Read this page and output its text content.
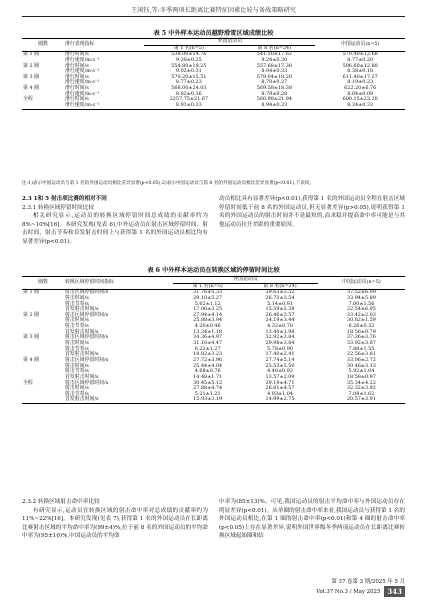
王闲钰,等:冬季两项长距离比赛特征因素比较与备战策略研究
表 5 中外样本运动员越野滑雪区域成绩比较
圈数	滑行表现指标	外国运动员		中国运动员(n=5)
		第 1 名(n=5)	前 8 名(n=24)	
第 1 圈	滑行时间/s	538.00±14.76	541.50±17.62	570.40±12.68
	滑行速度/m·s⁻¹	9.30±0.25	9.24±0.30	8.77±0.20
第 2 圈	滑行时间/s	554.80±19.25	557.68±17.38	596.60±12.80
	滑行速度/m·s⁻¹	9.02±0.31	8.94±0.33	8.38±0.18
第 3 圈	滑行时间/s	570.20±15.51	578.04±18.20	611.40±17.27
	滑行速度/m·s⁻¹	8.77±0.23	8.70±0.27	8.19±0.23
第 4 圈	滑行时间/s	568.00±24.03	569.58±18.38	622.20±6.76
	滑行速度/m·s⁻¹	8.82±0.36	8.79±0.28	8.04±0.09
全程	滑行时间/s	2257.75±21.67	560.98±21.94	600.15±23.20
	滑行速度/m·s⁻¹	8.91±0.33	8.94±0.33	8.34±0.33
注:1)表示中国运动员与第 1 名的外国运动员相比差异显著(p<0.05);2)表示中国运动员与前 8 名的外国运动员相比差异显著(p<0.01),下表同。

2.3 1和 5 射击项比赛的相对不同

2.3.1 转换区域停留时间比较

相关研究显示,运动员的转换区域停留时间总成绩的贡献率约为 8%~10%[16]。本研究发现(见表 6),中外运动员在射击区域停留时间、射击时间、射击节奏和首发射击时间上与获得第 1 名的外国运动员相比均有显著差异(p<0.01)。

动员相比具有显著差异(p<0.01),获得第 1 名的外国运动员全程在射击区域停留时间低于前 8 名的外国运动员,但无显著差异(p>0.05),说明获得第 1 名的外国运动员的射击时间并不是最短的,而求稳并提高命中率可能是与其他运动员拉开差距的重要原因。

表 6 中外样本运动员在转换区域的停留时间比较
圈数	转换区域停留时间指标	外国运动员		中国运动员(n=5)
		第 1 名(n=5)	前 8 名(n=24)	
第 1 圈	射击区域停留时间/s	31.76±5.33	29.63±3.52	37.52±6.09
	射击时间/s	29.10±5.27	26.73±3.54	33.94±5.89
	射击节奏/s	5.62±1.12	5.14±0.91	7.00±1.56
	首发射击时间/s	17.06±3.25	15.59±2.38	22.54±6.05
第 2 圈	射击区域停留时间/s	27.94±4.14	26.46±3.57	33.42±2.03
	射击时间/s	25.88±3.94	24.19±3.44	30.82±1.59
	射击节奏/s	4.20±0.46	4.32±0.78	6.26±0.32
	首发射击时间/s	13.34±1.18	13.40±1.98	18.56±0.79
第 3 圈	射击区域停留时间/s	34.36±4.97	32.92±3.84	37.36±3.76
	射击时间/s	31.10±4.47	29.98±3.84	33.92±3.87
	射击节奏/s	6.22±1.27	5.78±0.90	7.88±1.55
	首发射击时间/s	18.82±3.23	17.40±2.41	22.56±3.81
第 4 圈	射击区域停留时间/s	27.72±3.96	27.74±5.14	33.06±2.72
	射击时间/s	25.44±4.04	25.53±5.50	30.46±3.13
	射击节奏/s	4.68±0.76	4.48±0.92	5.92±1.04
	首发射击时间/s	14.48±1.71	13.57±2.09	18.58±0.97
全程	射击区域停留时间/s	30.45±5.12	29.19±4.71	35.34±4.22
	射击时间/s	27.88±4.74	26.61±4.57	32.32±3.92
	射击节奏/s	5.21±1.21	4.93±1.04	7.08±1.62
	首发射击时间/s	15.93±3.19	14.99±2.75	20.57±3.91

2.3.2 转换区域射击命中率比较

有研究显示,运动员在转换区域的射击命中率对总成绩的贡献率约为 11%~22%[16]。本研究发现(见表 7),获得第 1 名的外国运动员在长距离比赛射击区域的平均命中率为(99±4)%,位于前 8 名的外国运动员的平均命中率为(95±10)%,中国运动员的平均命

中率为(85±13)%。可见,我国运动员的射击平均命中率与外国运动员存在明显差异(p<0.01)。从单圈的射击命中率来看,我国运动员与获得第 1 名的外国运动员相比,在第 1 圈的射击命中率(p<0.01)和第 4 圈的射击命中率(p<0.05)上存在显著差异,说明外国世界级冬季两项运动员在长距离比赛转换区域起始圈和结

第 37 卷第 3 期/2025 年 5 月
Vol.37 No.3 / May 2025 343
